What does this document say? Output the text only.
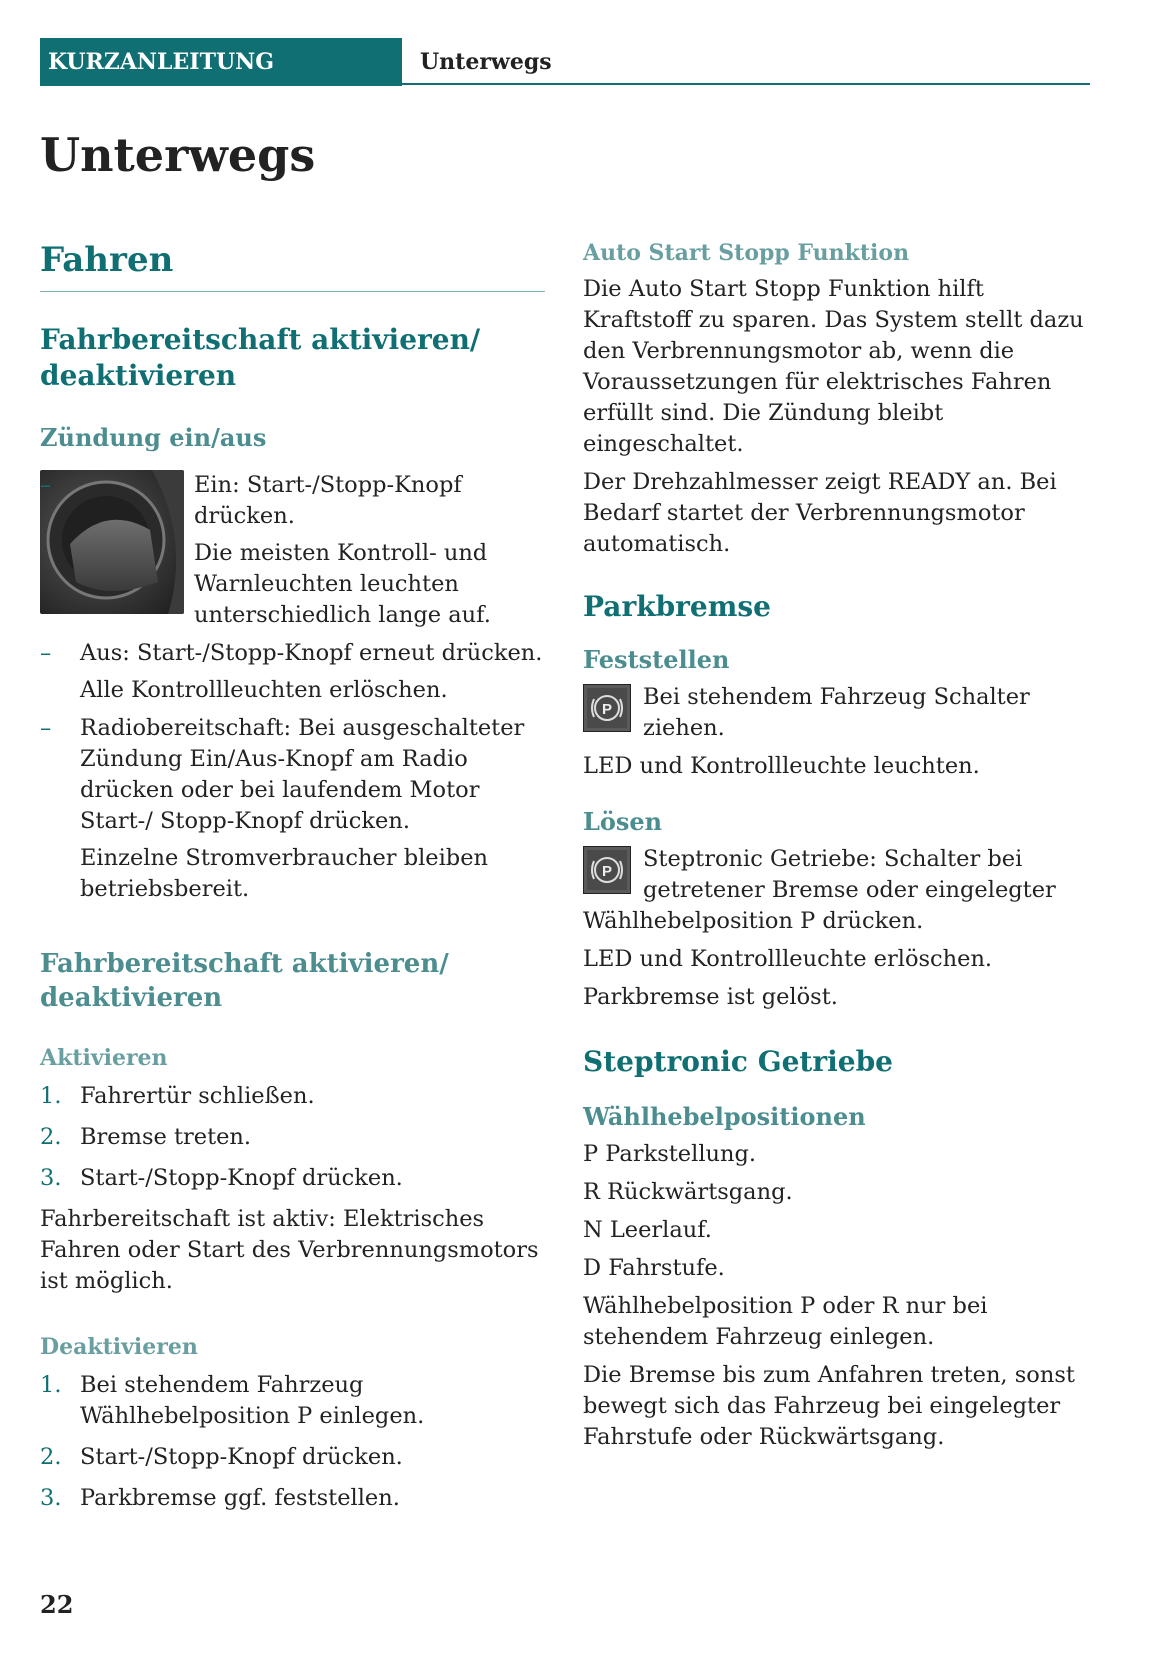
KURZANLEITUNG	Unterwegs
Unterwegs
Fahren
Fahrbereitschaft aktivieren/ deaktivieren
Zündung ein/aus
– Ein: Start-/Stopp-Knopf drücken.

Die meisten Kontroll- und Warnleuchten leuchten unterschiedlich lange auf.

– Aus: Start-/Stopp-Knopf erneut drücken.

Alle Kontrollleuchten erlöschen.

– Radiobereitschaft: Bei ausgeschalteter Zündung Ein/Aus-Knopf am Radio drücken oder bei laufendem Motor Start-/ Stopp-Knopf drücken.

Einzelne Stromverbraucher bleiben betriebsbereit.

Fahrbereitschaft aktivieren/ deaktivieren
Aktivieren
1. Fahrertür schließen.
2. Bremse treten.
3. Start-/Stopp-Knopf drücken.

Fahrbereitschaft ist aktiv: Elektrisches Fahren oder Start des Verbrennungsmotors ist möglich.

Deaktivieren
1. Bei stehendem Fahrzeug Wählhebelposition P einlegen.
2. Start-/Stopp-Knopf drücken.
3. Parkbremse ggf. feststellen.
Auto Start Stopp Funktion

Die Auto Start Stopp Funktion hilft Kraftstoff zu sparen. Das System stellt dazu den Verbrennungsmotor ab, wenn die Voraussetzungen für elektrisches Fahren erfüllt sind. Die Zündung bleibt eingeschaltet.

Der Drehzahlmesser zeigt READY an. Bei Bedarf startet der Verbrennungsmotor automatisch.

Parkbremse
Feststellen
P	Bei stehendem Fahrzeug Schalter ziehen.

LED und Kontrollleuchte leuchten.

Lösen
P	Steptronic Getriebe: Schalter bei getretener Bremse oder eingelegter Wählhebelposition P drücken.

LED und Kontrollleuchte erlöschen.

Parkbremse ist gelöst.

Steptronic Getriebe
Wählhebelpositionen

P Parkstellung.

R Rückwärtsgang.

N Leerlauf.

D Fahrstufe.

Wählhebelposition P oder R nur bei stehendem Fahrzeug einlegen.

Die Bremse bis zum Anfahren treten, sonst bewegt sich das Fahrzeug bei eingelegter Fahrstufe oder Rückwärtsgang.

22
